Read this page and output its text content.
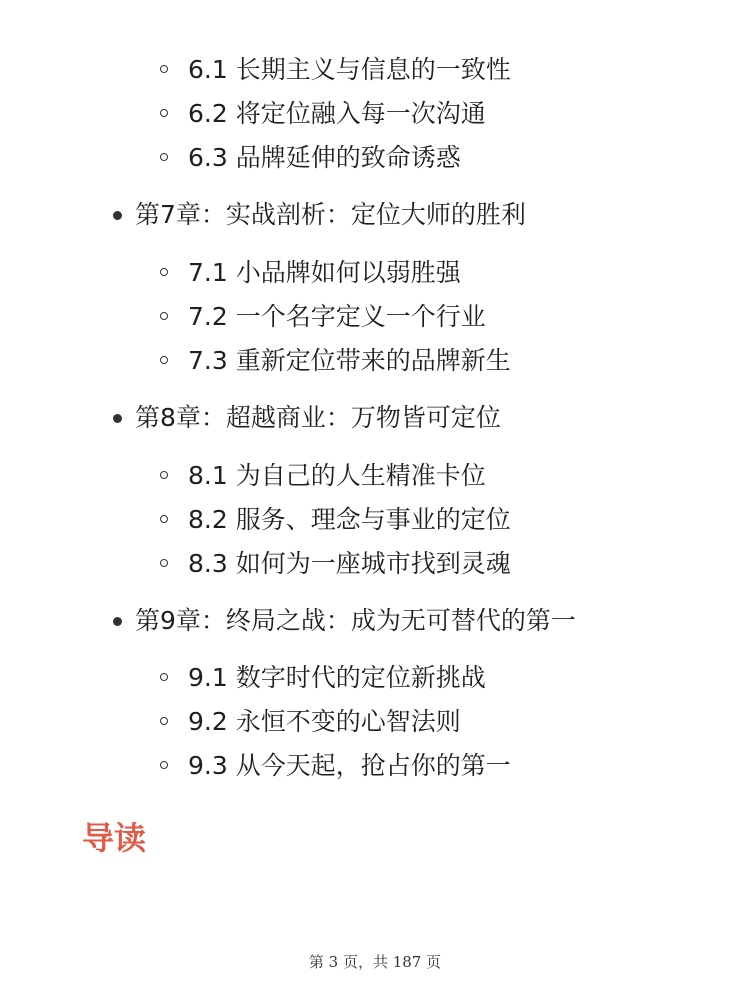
6.1 长期主义与信息的一致性
6.2 将定位融入每一次沟通
6.3 品牌延伸的致命诱惑
第7章：实战剖析：定位大师的胜利
7.1 小品牌如何以弱胜强
7.2 一个名字定义一个行业
7.3 重新定位带来的品牌新生
第8章：超越商业：万物皆可定位
8.1 为自己的人生精准卡位
8.2 服务、理念与事业的定位
8.3 如何为一座城市找到灵魂
第9章：终局之战：成为无可替代的第一
9.1 数字时代的定位新挑战
9.2 永恒不变的心智法则
9.3 从今天起，抢占你的第一
导读
第 3 页，共 187 页
